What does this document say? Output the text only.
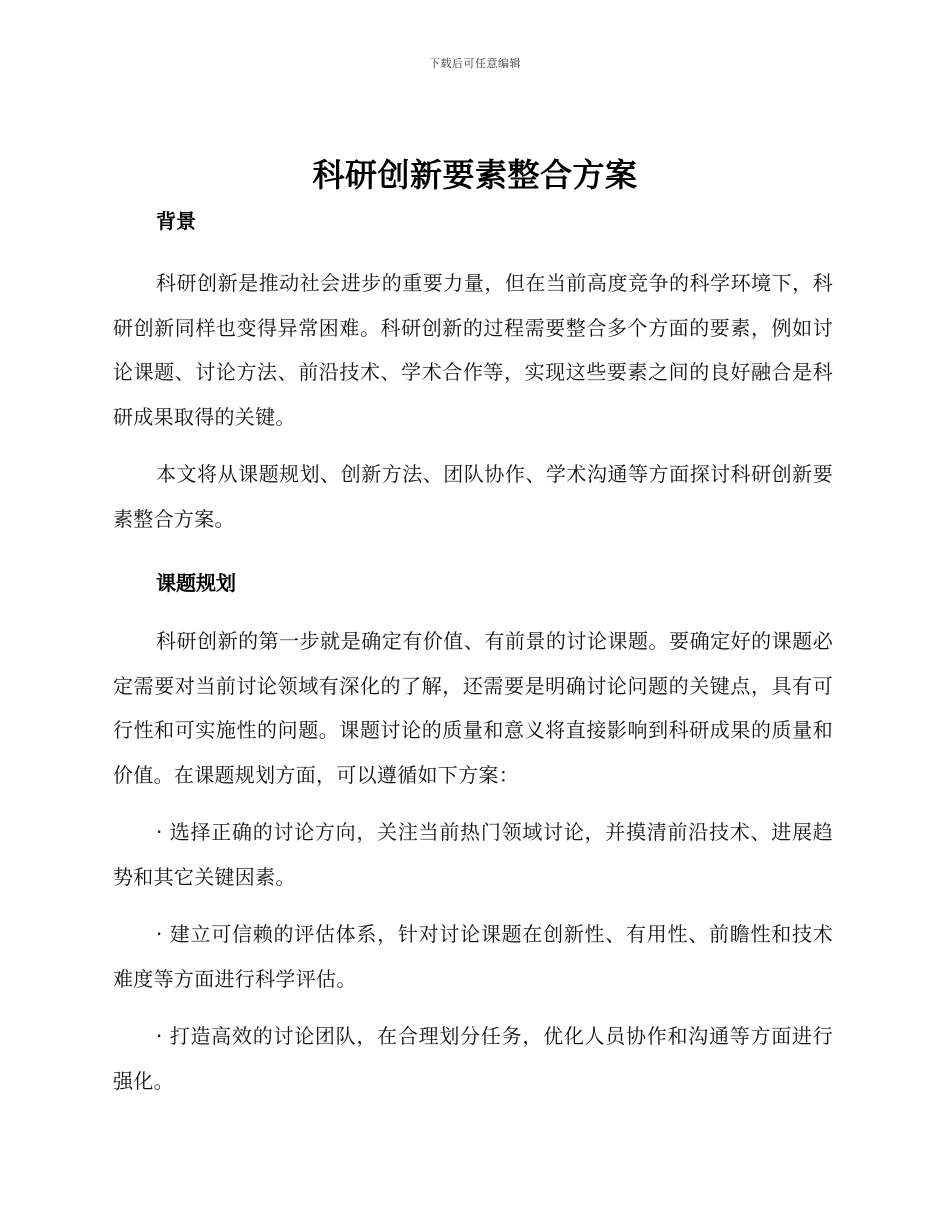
下载后可任意编辑
科研创新要素整合方案
背景

科研创新是推动社会进步的重要力量，但在当前高度竞争的科学环境下，科研创新同样也变得异常困难。科研创新的过程需要整合多个方面的要素，例如讨论课题、讨论方法、前沿技术、学术合作等，实现这些要素之间的良好融合是科研成果取得的关键。

本文将从课题规划、创新方法、团队协作、学术沟通等方面探讨科研创新要素整合方案。

课题规划

科研创新的第一步就是确定有价值、有前景的讨论课题。要确定好的课题必定需要对当前讨论领域有深化的了解，还需要是明确讨论问题的关键点，具有可行性和可实施性的问题。课题讨论的质量和意义将直接影响到科研成果的质量和价值。在课题规划方面，可以遵循如下方案：

· 选择正确的讨论方向，关注当前热门领域讨论，并摸清前沿技术、进展趋势和其它关键因素。

· 建立可信赖的评估体系，针对讨论课题在创新性、有用性、前瞻性和技术难度等方面进行科学评估。

· 打造高效的讨论团队，在合理划分任务，优化人员协作和沟通等方面进行强化。
